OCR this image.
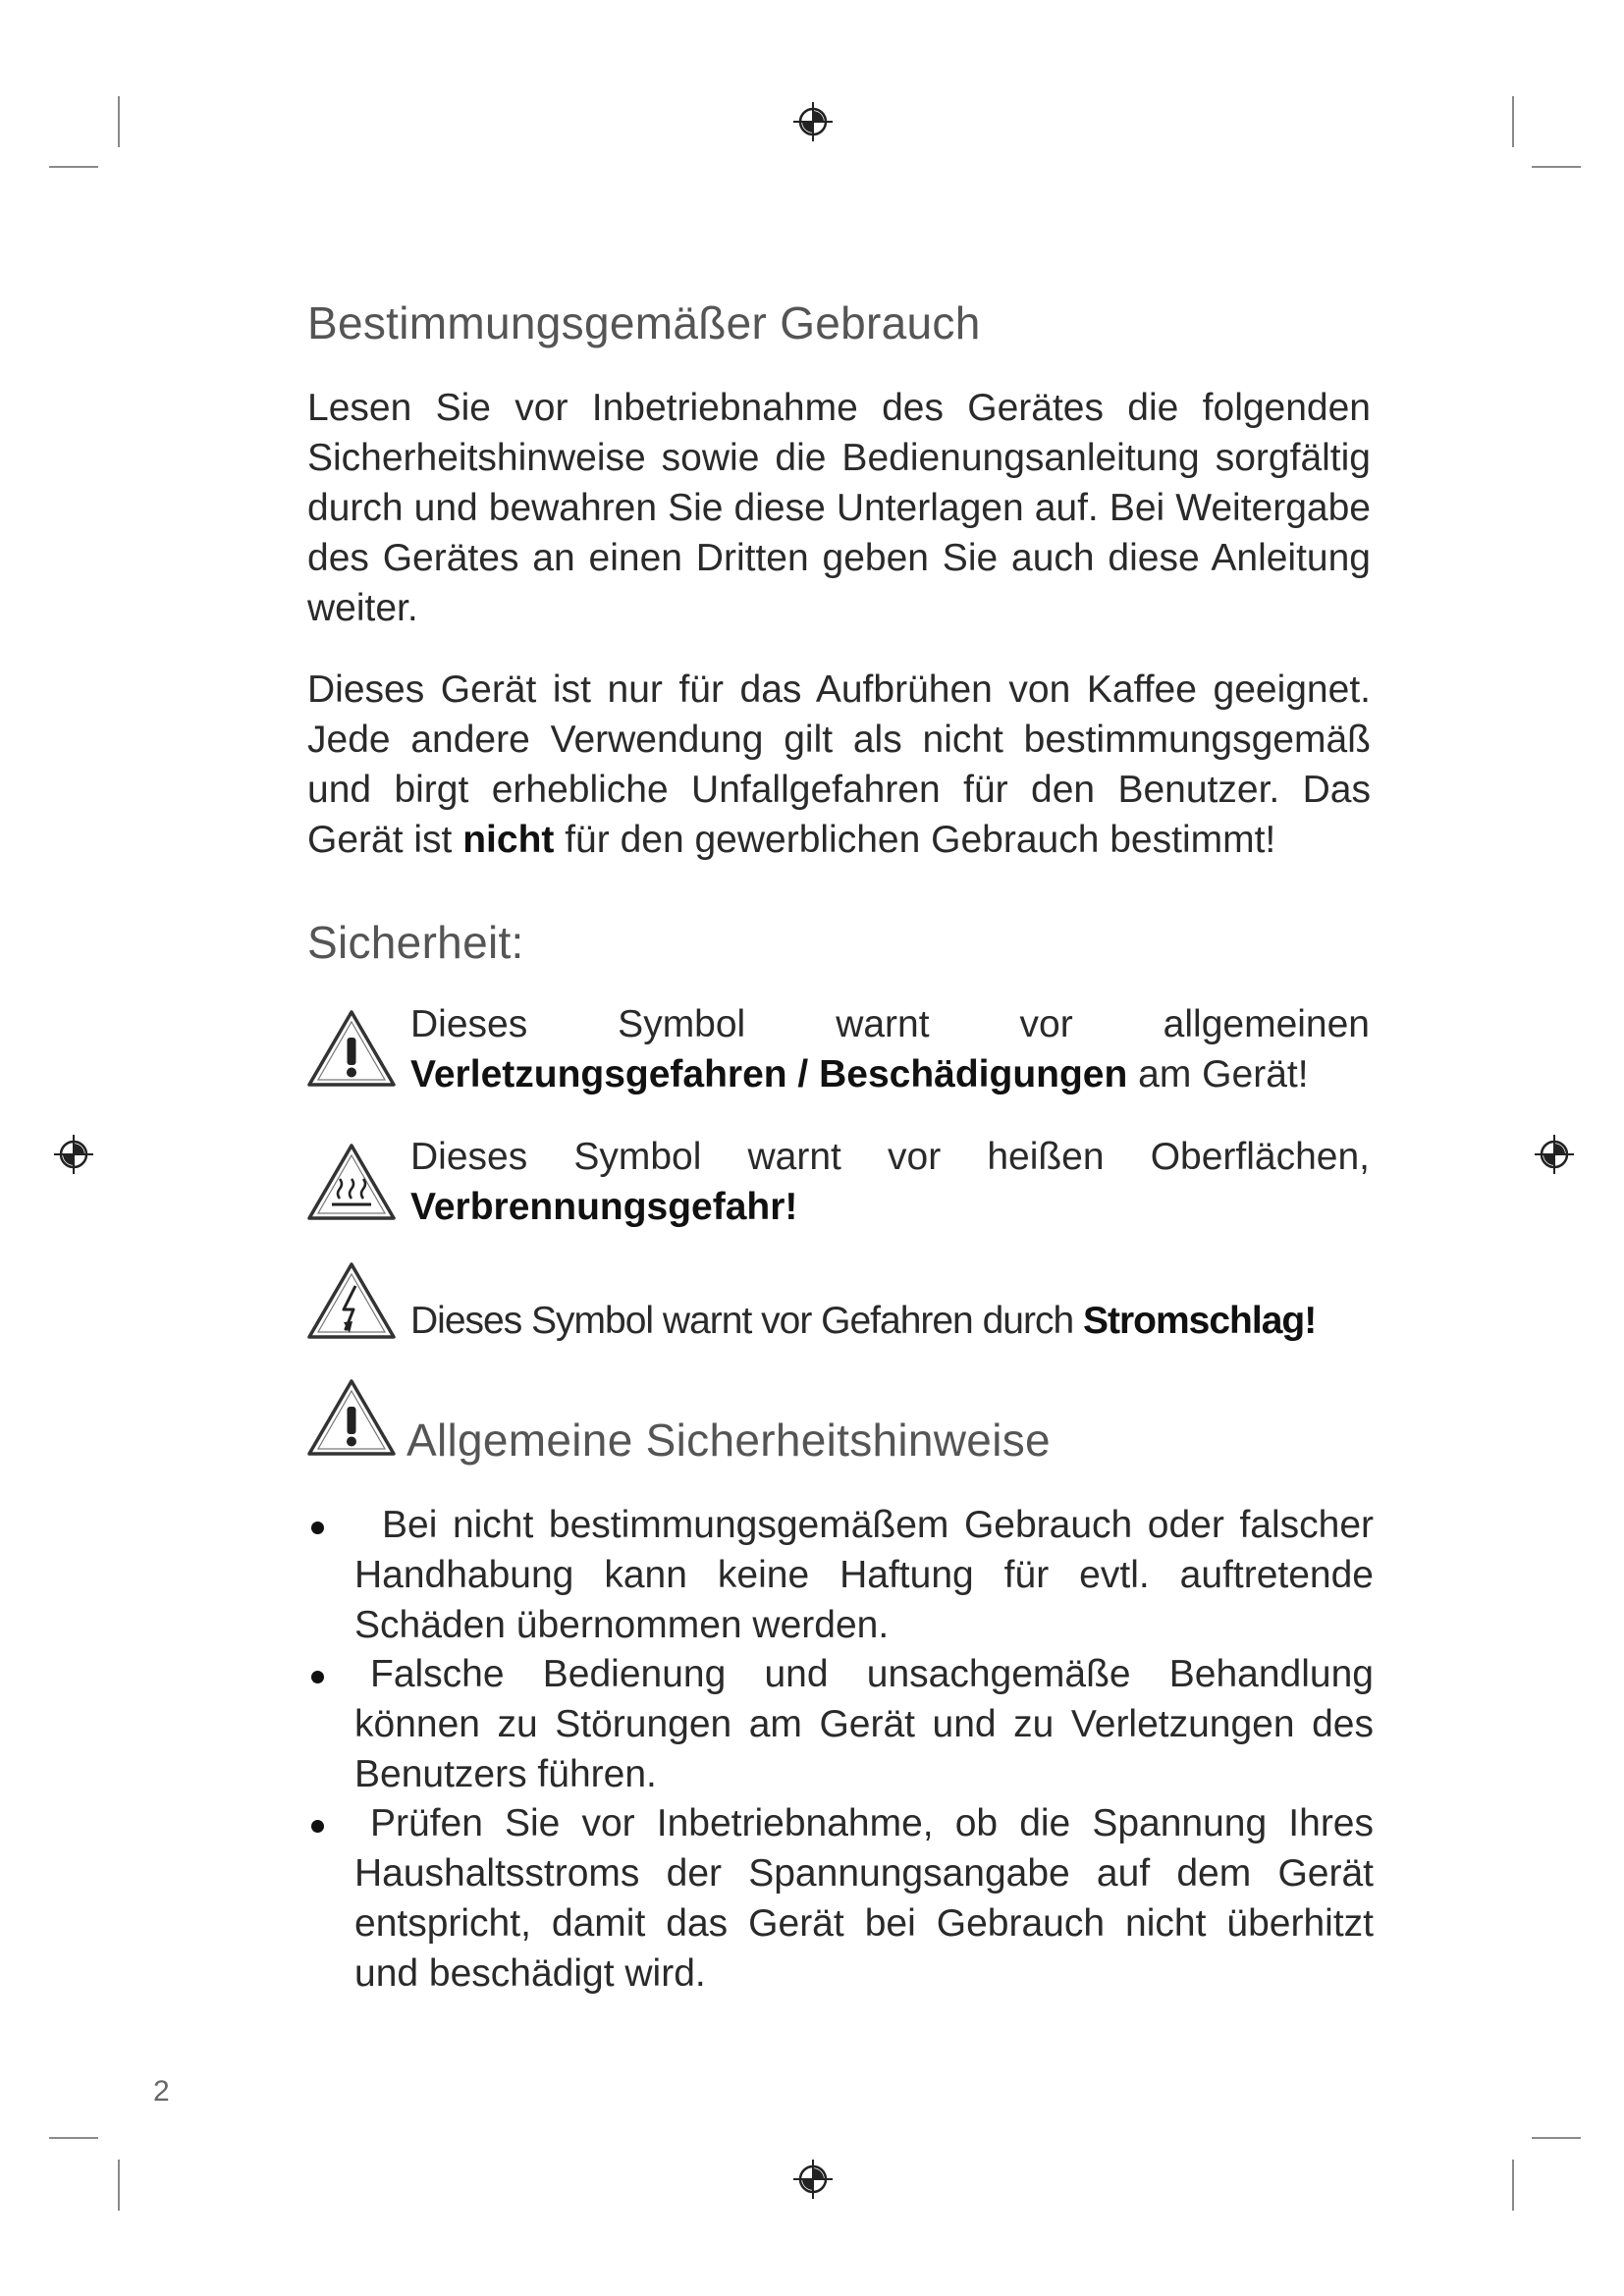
Bestimmungsgemäßer Gebrauch

Lesen Sie vor Inbetriebnahme des Gerätes die folgenden Sicherheitshinweise sowie die Bedienungsanleitung sorgfältig durch und bewahren Sie diese Unterlagen auf. Bei Weitergabe des Gerätes an einen Dritten geben Sie auch diese Anleitung weiter.

Dieses Gerät ist nur für das Aufbrühen von Kaffee geeignet. Jede andere Verwendung gilt als nicht bestimmungsgemäß und birgt erhebliche Unfallgefahren für den Benutzer. Das Gerät ist nicht für den gewerblichen Gebrauch bestimmt!

Sicherheit:

Dieses Symbol warnt vor allgemeinen Verletzungsgefahren / Beschädigungen am Gerät!

Dieses Symbol warnt vor heißen Oberflächen, Verbrennungsgefahr!

Dieses Symbol warnt vor Gefahren durch Stromschlag!

Allgemeine Sicherheitshinweise

Bei nicht bestimmungsgemäßem Gebrauch oder falscher Handhabung kann keine Haftung für evtl. auftretende Schäden übernommen werden.

Falsche Bedienung und unsachgemäße Behandlung können zu Störungen am Gerät und zu Verletzungen des Benutzers führen.

Prüfen Sie vor Inbetriebnahme, ob die Spannung Ihres Haushaltsstroms der Spannungsangabe auf dem Gerät entspricht, damit das Gerät bei Gebrauch nicht überhitzt und beschädigt wird.

2
